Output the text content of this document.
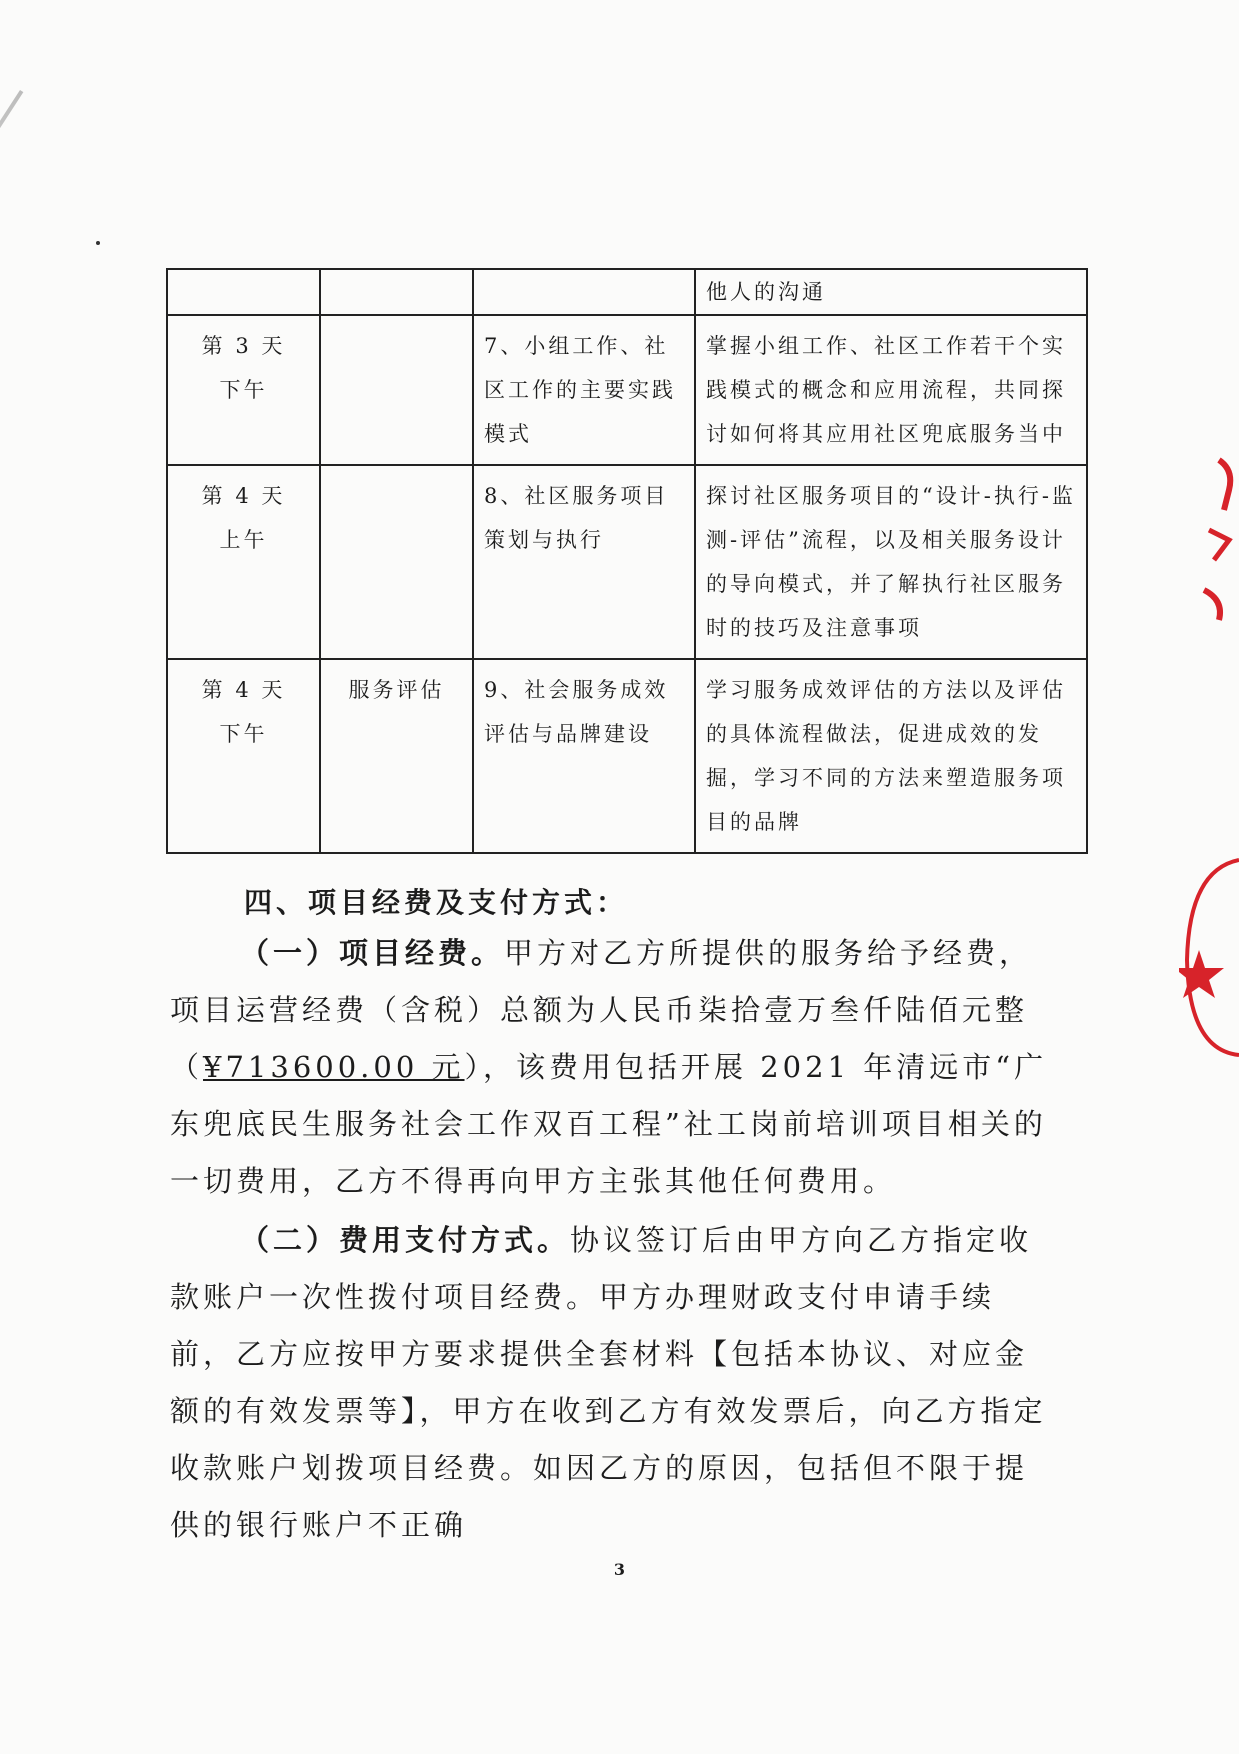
			他人的沟通

第 3 天
下午		7、小组工作、社区工作的主要实践模式	掌握小组工作、社区工作若干个实践模式的概念和应用流程，共同探讨如何将其应用社区兜底服务当中

第 4 天
上午		8、社区服务项目策划与执行	探讨社区服务项目的“设计-执行-监测-评估”流程，以及相关服务设计的导向模式，并了解执行社区服务时的技巧及注意事项

第 4 天
下午	服务评估	9、社会服务成效评估与品牌建设	学习服务成效评估的方法以及评估的具体流程做法，促进成效的发掘，学习不同的方法来塑造服务项目的品牌
四、项目经费及支付方式：
（一）项目经费。甲方对乙方所提供的服务给予经费，项目运营经费（含税）总额为人民币柒拾壹万叁仟陆佰元整（¥713600.00 元），该费用包括开展 2021 年清远市“广东兜底民生服务社会工作双百工程”社工岗前培训项目相关的一切费用，乙方不得再向甲方主张其他任何费用。
（二）费用支付方式。协议签订后由甲方向乙方指定收款账户一次性拨付项目经费。甲方办理财政支付申请手续前，乙方应按甲方要求提供全套材料【包括本协议、对应金额的有效发票等】，甲方在收到乙方有效发票后，向乙方指定收款账户划拨项目经费。如因乙方的原因，包括但不限于提供的银行账户不正确
3
